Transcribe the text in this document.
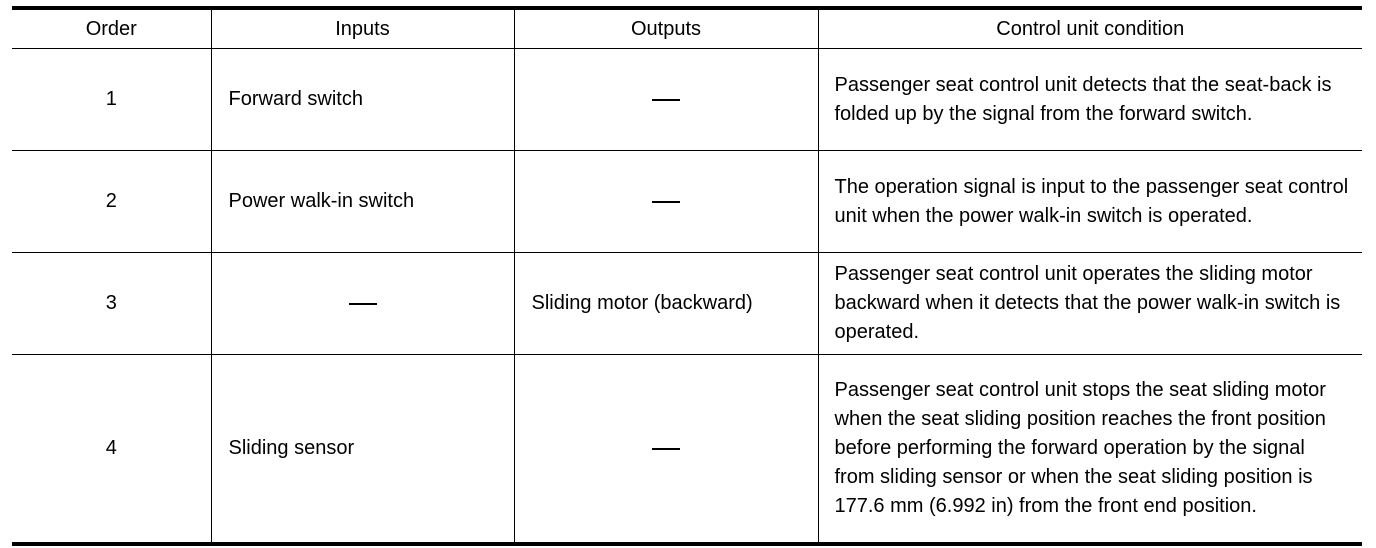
Order	Inputs	Outputs	Control unit condition
1	Forward switch		Passenger seat control unit detects that the seat-back is folded up by the signal from the forward switch.
2	Power walk-in switch		The operation signal is input to the passenger seat control unit when the power walk-in switch is operated.
3		Sliding motor (backward)	Passenger seat control unit operates the sliding motor backward when it detects that the power walk-in switch is operated.
4	Sliding sensor		Passenger seat control unit stops the seat sliding motor when the seat sliding position reaches the front position before performing the forward operation by the signal from sliding sensor or when the seat sliding position is 177.6 mm (6.992 in) from the front end position.
